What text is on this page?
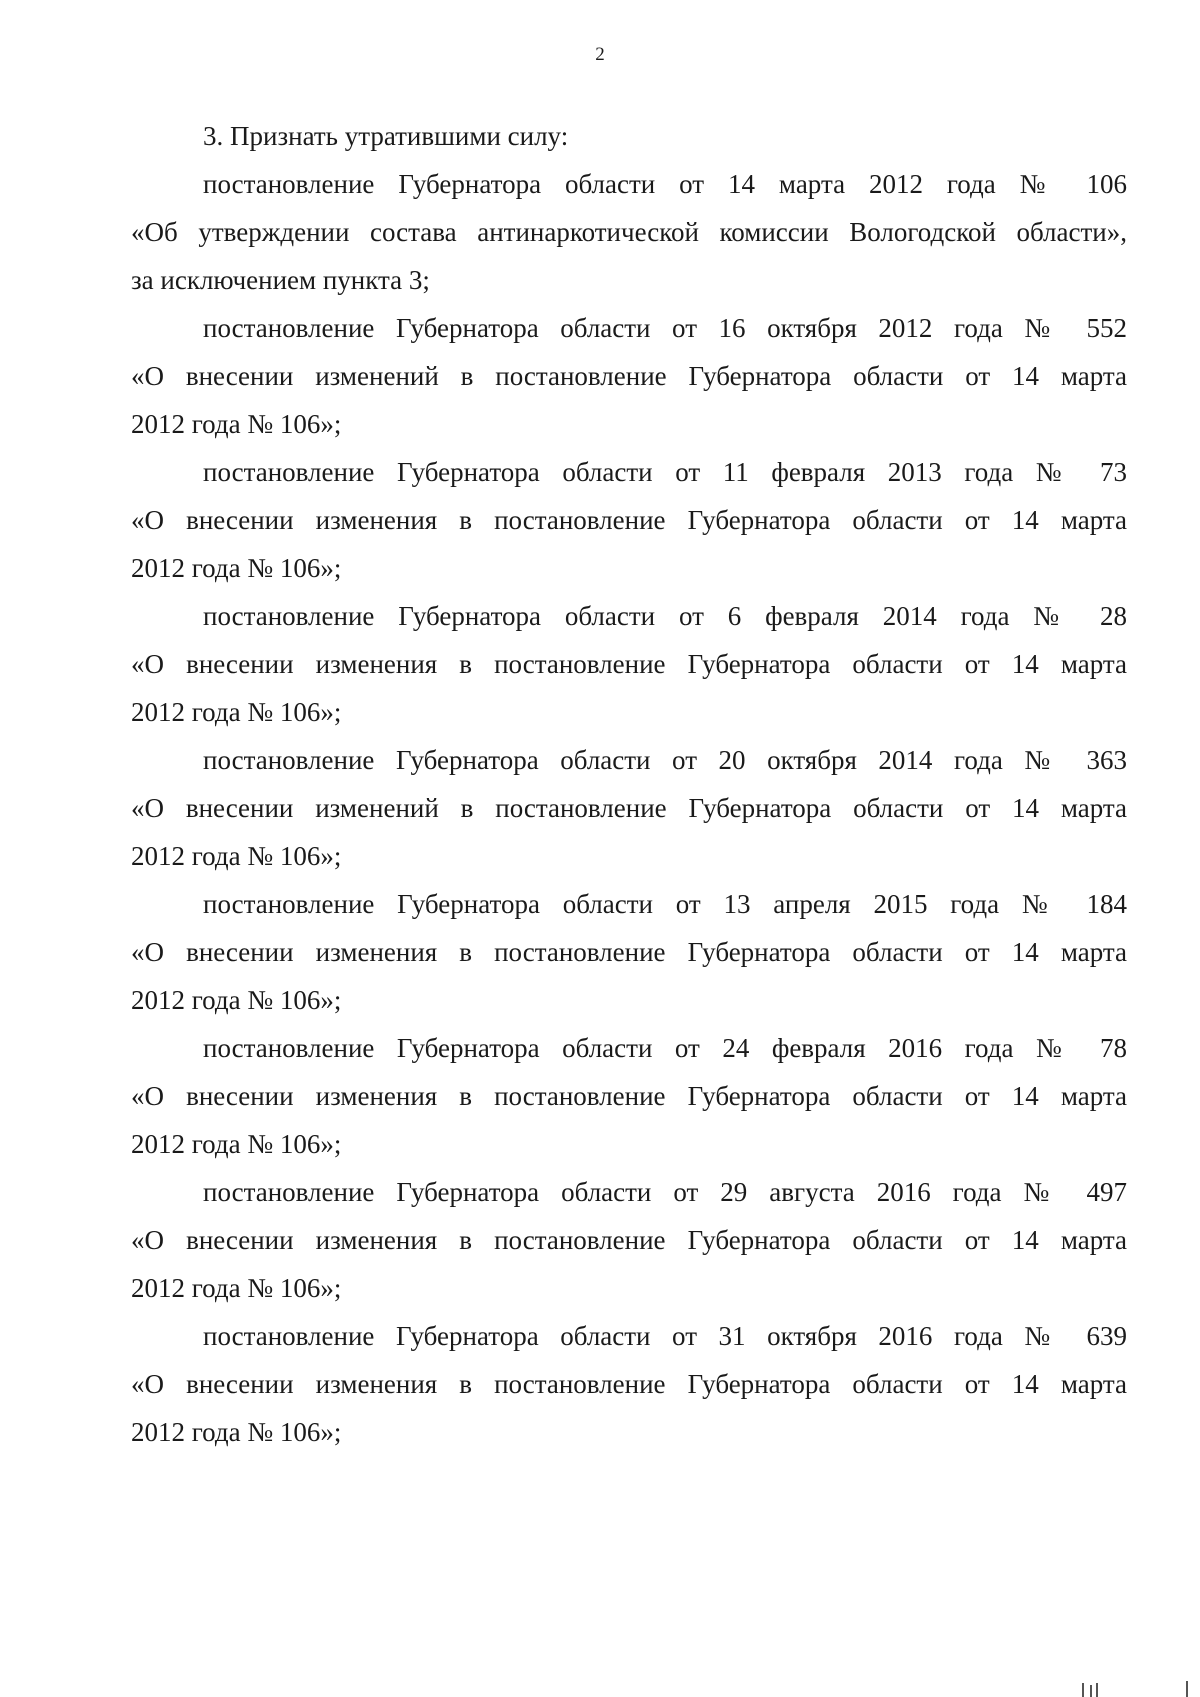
2
3. Признать утратившими силу:
постановление Губернатора области от 14 марта 2012 года № 106
«Об утверждении состава антинаркотической комиссии Вологодской области»,
за исключением пункта 3;
постановление Губернатора области от 16 октября 2012 года № 552
«О внесении изменений в постановление Губернатора области от 14 марта
2012 года № 106»;
постановление Губернатора области от 11 февраля 2013 года № 73
«О внесении изменения в постановление Губернатора области от 14 марта
2012 года № 106»;
постановление Губернатора области от 6 февраля 2014 года № 28
«О внесении изменения в постановление Губернатора области от 14 марта
2012 года № 106»;
постановление Губернатора области от 20 октября 2014 года № 363
«О внесении изменений в постановление Губернатора области от 14 марта
2012 года № 106»;
постановление Губернатора области от 13 апреля 2015 года № 184
«О внесении изменения в постановление Губернатора области от 14 марта
2012 года № 106»;
постановление Губернатора области от 24 февраля 2016 года № 78
«О внесении изменения в постановление Губернатора области от 14 марта
2012 года № 106»;
постановление Губернатора области от 29 августа 2016 года № 497
«О внесении изменения в постановление Губернатора области от 14 марта
2012 года № 106»;
постановление Губернатора области от 31 октября 2016 года № 639
«О внесении изменения в постановление Губернатора области от 14 марта
2012 года № 106»;
